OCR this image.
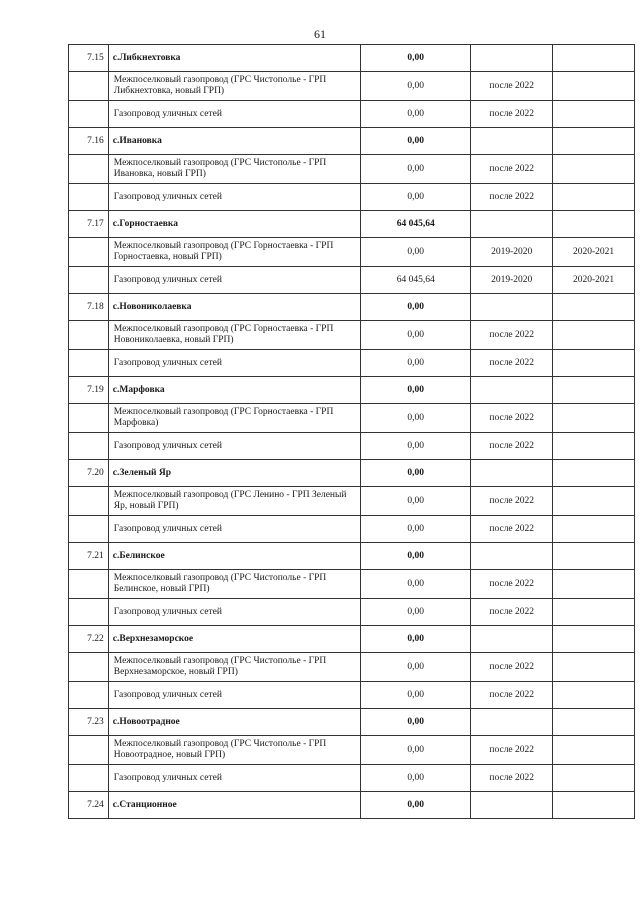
61
7.15	с.Либкнехтовка	0,00		
	Межпоселковый газопровод (ГРС Чистополье - ГРП Либкнехтовка, новый ГРП)	0,00	после 2022	
	Газопровод уличных сетей	0,00	после 2022	
7.16	с.Ивановка	0,00		
	Межпоселковый газопровод (ГРС Чистополье - ГРП Ивановка, новый ГРП)	0,00	после 2022	
	Газопровод уличных сетей	0,00	после 2022	
7.17	с.Горностаевка	64 045,64		
	Межпоселковый газопровод (ГРС Горностаевка - ГРП Горностаевка, новый ГРП)	0,00	2019-2020	2020-2021
	Газопровод уличных сетей	64 045,64	2019-2020	2020-2021
7.18	с.Новониколаевка	0,00		
	Межпоселковый газопровод (ГРС Горностаевка - ГРП Новониколаевка, новый ГРП)	0,00	после 2022	
	Газопровод уличных сетей	0,00	после 2022	
7.19	с.Марфовка	0,00		
	Межпоселковый газопровод (ГРС Горностаевка - ГРП Марфовка)	0,00	после 2022	
	Газопровод уличных сетей	0,00	после 2022	
7.20	с.Зеленый Яр	0,00		
	Межпоселковый газопровод (ГРС Ленино - ГРП Зеленый Яр, новый ГРП)	0,00	после 2022	
	Газопровод уличных сетей	0,00	после 2022	
7.21	с.Белинское	0,00		
	Межпоселковый газопровод (ГРС Чистополье - ГРП Белинское, новый ГРП)	0,00	после 2022	
	Газопровод уличных сетей	0,00	после 2022	
7.22	с.Верхнезаморское	0,00		
	Межпоселковый газопровод (ГРС Чистополье - ГРП Верхнезаморское, новый ГРП)	0,00	после 2022	
	Газопровод уличных сетей	0,00	после 2022	
7.23	с.Новоотрадное	0,00		
	Межпоселковый газопровод (ГРС Чистополье - ГРП Новоотрадное, новый ГРП)	0,00	после 2022	
	Газопровод уличных сетей	0,00	после 2022	
7.24	с.Станционное	0,00		
